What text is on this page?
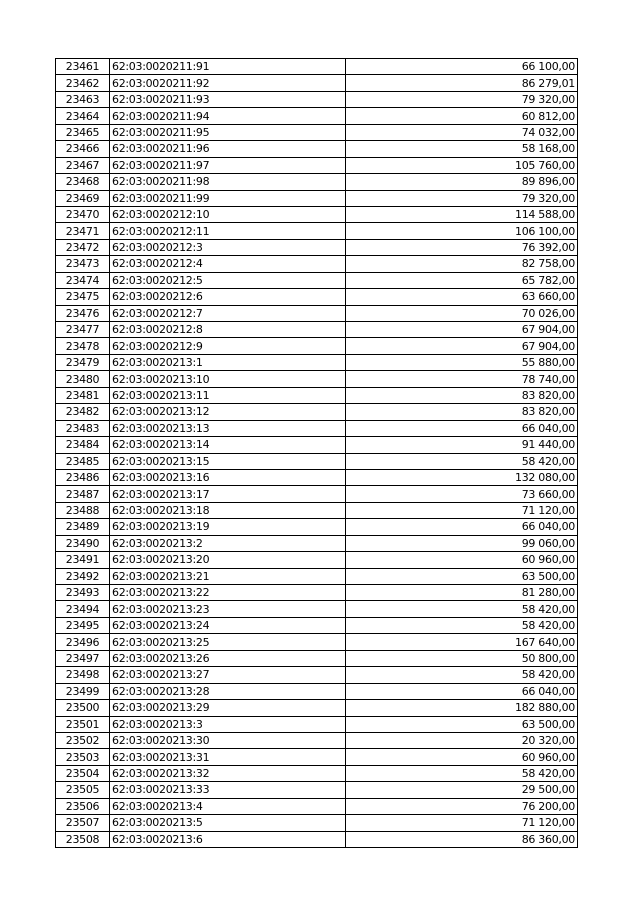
23461	62:03:0020211:91	66 100,00
23462	62:03:0020211:92	86 279,01
23463	62:03:0020211:93	79 320,00
23464	62:03:0020211:94	60 812,00
23465	62:03:0020211:95	74 032,00
23466	62:03:0020211:96	58 168,00
23467	62:03:0020211:97	105 760,00
23468	62:03:0020211:98	89 896,00
23469	62:03:0020211:99	79 320,00
23470	62:03:0020212:10	114 588,00
23471	62:03:0020212:11	106 100,00
23472	62:03:0020212:3	76 392,00
23473	62:03:0020212:4	82 758,00
23474	62:03:0020212:5	65 782,00
23475	62:03:0020212:6	63 660,00
23476	62:03:0020212:7	70 026,00
23477	62:03:0020212:8	67 904,00
23478	62:03:0020212:9	67 904,00
23479	62:03:0020213:1	55 880,00
23480	62:03:0020213:10	78 740,00
23481	62:03:0020213:11	83 820,00
23482	62:03:0020213:12	83 820,00
23483	62:03:0020213:13	66 040,00
23484	62:03:0020213:14	91 440,00
23485	62:03:0020213:15	58 420,00
23486	62:03:0020213:16	132 080,00
23487	62:03:0020213:17	73 660,00
23488	62:03:0020213:18	71 120,00
23489	62:03:0020213:19	66 040,00
23490	62:03:0020213:2	99 060,00
23491	62:03:0020213:20	60 960,00
23492	62:03:0020213:21	63 500,00
23493	62:03:0020213:22	81 280,00
23494	62:03:0020213:23	58 420,00
23495	62:03:0020213:24	58 420,00
23496	62:03:0020213:25	167 640,00
23497	62:03:0020213:26	50 800,00
23498	62:03:0020213:27	58 420,00
23499	62:03:0020213:28	66 040,00
23500	62:03:0020213:29	182 880,00
23501	62:03:0020213:3	63 500,00
23502	62:03:0020213:30	20 320,00
23503	62:03:0020213:31	60 960,00
23504	62:03:0020213:32	58 420,00
23505	62:03:0020213:33	29 500,00
23506	62:03:0020213:4	76 200,00
23507	62:03:0020213:5	71 120,00
23508	62:03:0020213:6	86 360,00
